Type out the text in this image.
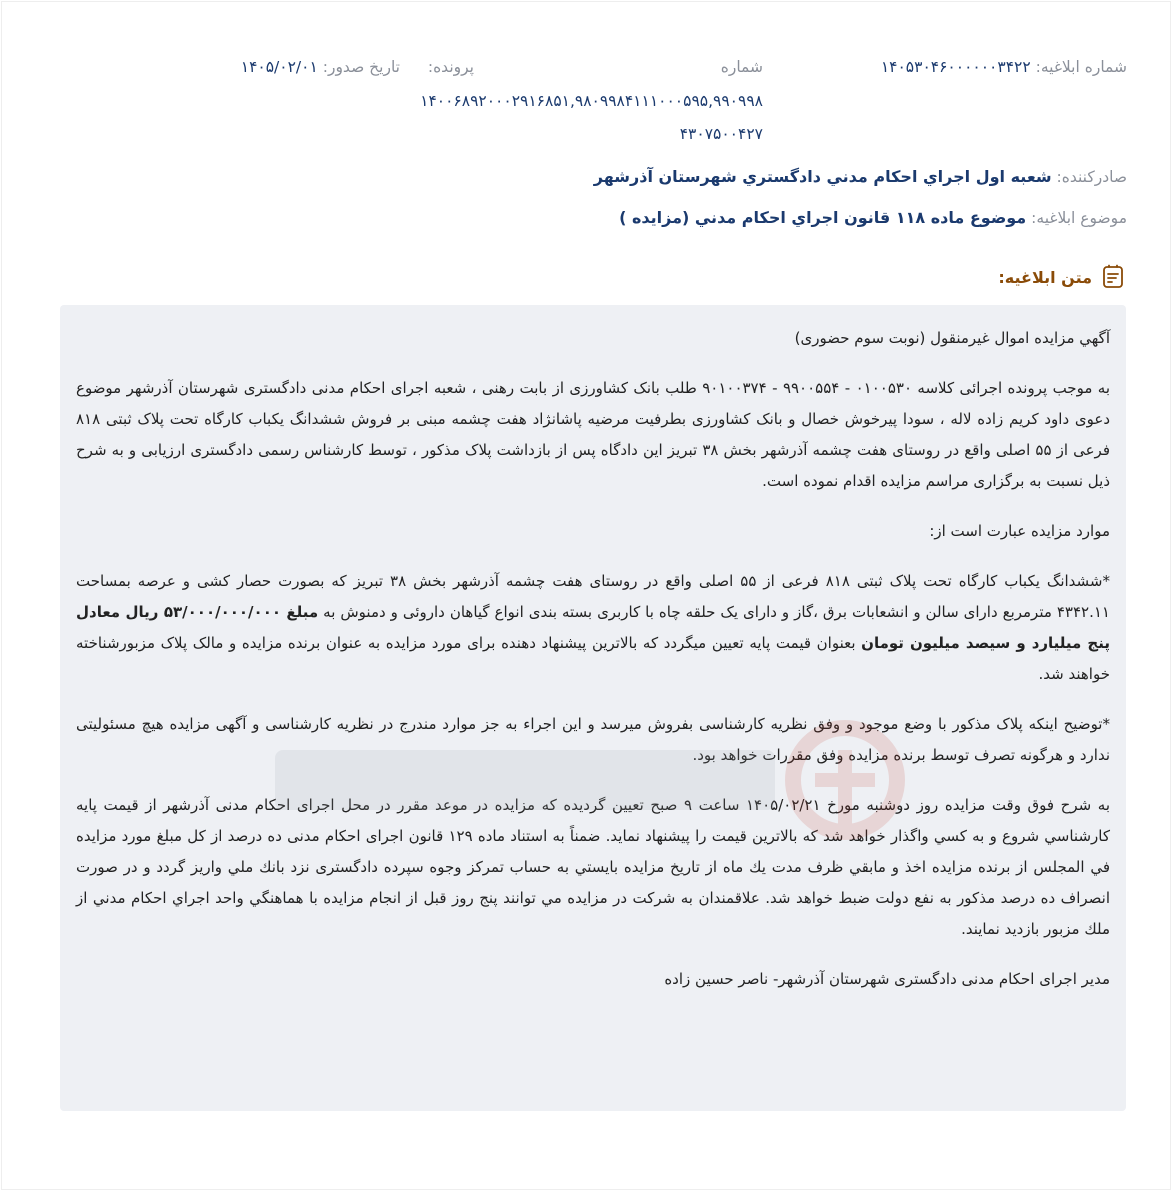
شماره ابلاغیه: ۱۴۰۵۳۰۴۶۰۰۰۰۰۰۳۴۲۲
شماره
پرونده:
تاریخ صدور: ۱۴۰۵/۰۲/۰۱
۱۴۰۰۶۸۹۲۰۰۰۲۹۱۶۸۵۱,۹۸۰۹۹۸۴۱۱۱۰۰۰۵۹۵,۹۹۰۹۹۸
۴۳۰۷۵۰۰۴۲۷
صادرکننده: شعبه اول اجراي احكام مدني دادگستري شهرستان آذرشهر
موضوع ابلاغیه: موضوع ماده ۱۱۸ قانون اجراي احكام مدني (مزايده )
متن ابلاغیه:

آگهي مزايده اموال غيرمنقول (نوبت سوم حضوری)

به موجب پرونده اجرائی کلاسه ۰۱۰۰۵۳۰ - ۹۹۰۰۵۵۴ - ۹۰۱۰۰۳۷۴ طلب بانک کشاورزی از بابت رهنی ، شعبه اجرای احکام مدنی دادگستری شهرستان آذرشهر موضوع دعوی داود کریم زاده لاله ، سودا پیرخوش خصال و بانک کشاورزی بطرفیت مرضیه پاشانژاد هفت چشمه مبنی بر فروش ششدانگ یکباب کارگاه تحت پلاک ثبتی ۸۱۸ فرعی از ۵۵ اصلی واقع در روستای هفت چشمه آذرشهر بخش ۳۸ تبریز این دادگاه پس از بازداشت پلاک مذکور ، توسط کارشناس رسمی دادگستری ارزیابی و به شرح ذیل نسبت به برگزاری مراسم مزایده اقدام نموده است.

موارد مزایده عبارت است از:

*ششدانگ یکباب کارگاه تحت پلاک ثبتی ۸۱۸ فرعی از ۵۵ اصلی واقع در روستای هفت چشمه آذرشهر بخش ۳۸ تبریز که بصورت حصار کشی و عرصه بمساحت ۴۳۴۲.۱۱ مترمربع دارای سالن و انشعابات برق ،گاز و دارای یک حلقه چاه با کاربری بسته بندی انواع گیاهان داروئی و دمنوش به مبلغ ۵۳/۰۰۰/۰۰۰/۰۰۰ ریال معادل پنج میلیارد و سیصد میلیون تومان بعنوان قیمت پایه تعیین میگردد که بالاترین پیشنهاد دهنده برای مورد مزایده به عنوان برنده مزایده و مالک پلاک مزبورشناخته خواهند شد.

*توضیح اینکه پلاک مذکور با وضع موجود و وفق نظریه کارشناسی بفروش میرسد و این اجراء به جز موارد مندرج در نظریه کارشناسی و آگهی مزایده هیچ مسئولیتی ندارد و هرگونه تصرف توسط برنده مزایده وفق مقررات خواهد بود.

به شرح فوق وقت مزايده روز دوشنبه مورخ ۱۴۰۵/۰۲/۲۱ ساعت ۹ صبح تعيين گرديده كه مزايده در موعد مقرر در محل اجرای احکام مدنی آذرشهر از قيمت پايه كارشناسي شروع و به كسي واگذار خواهد شد كه بالاترين قيمت را پيشنهاد نمايد. ضمناً به استناد ماده ۱۲۹ قانون اجرای احکام مدنی ده درصد از كل مبلغ مورد مزايده في المجلس از برنده مزايده اخذ و مابقي ظرف مدت يك ماه از تاريخ مزايده بايستي به حساب تمركز وجوه سپرده دادگستری نزد بانك ملي واريز گردد و در صورت انصراف ده درصد مذكور به نفع دولت ضبط خواهد شد. علاقمندان به شركت در مزايده مي توانند پنج روز قبل از انجام مزايده با هماهنگي واحد اجراي احكام مدني از ملك مزبور بازديد نمايند.

مدیر اجرای احکام مدنی دادگستری شهرستان آذرشهر- ناصر حسین زاده
